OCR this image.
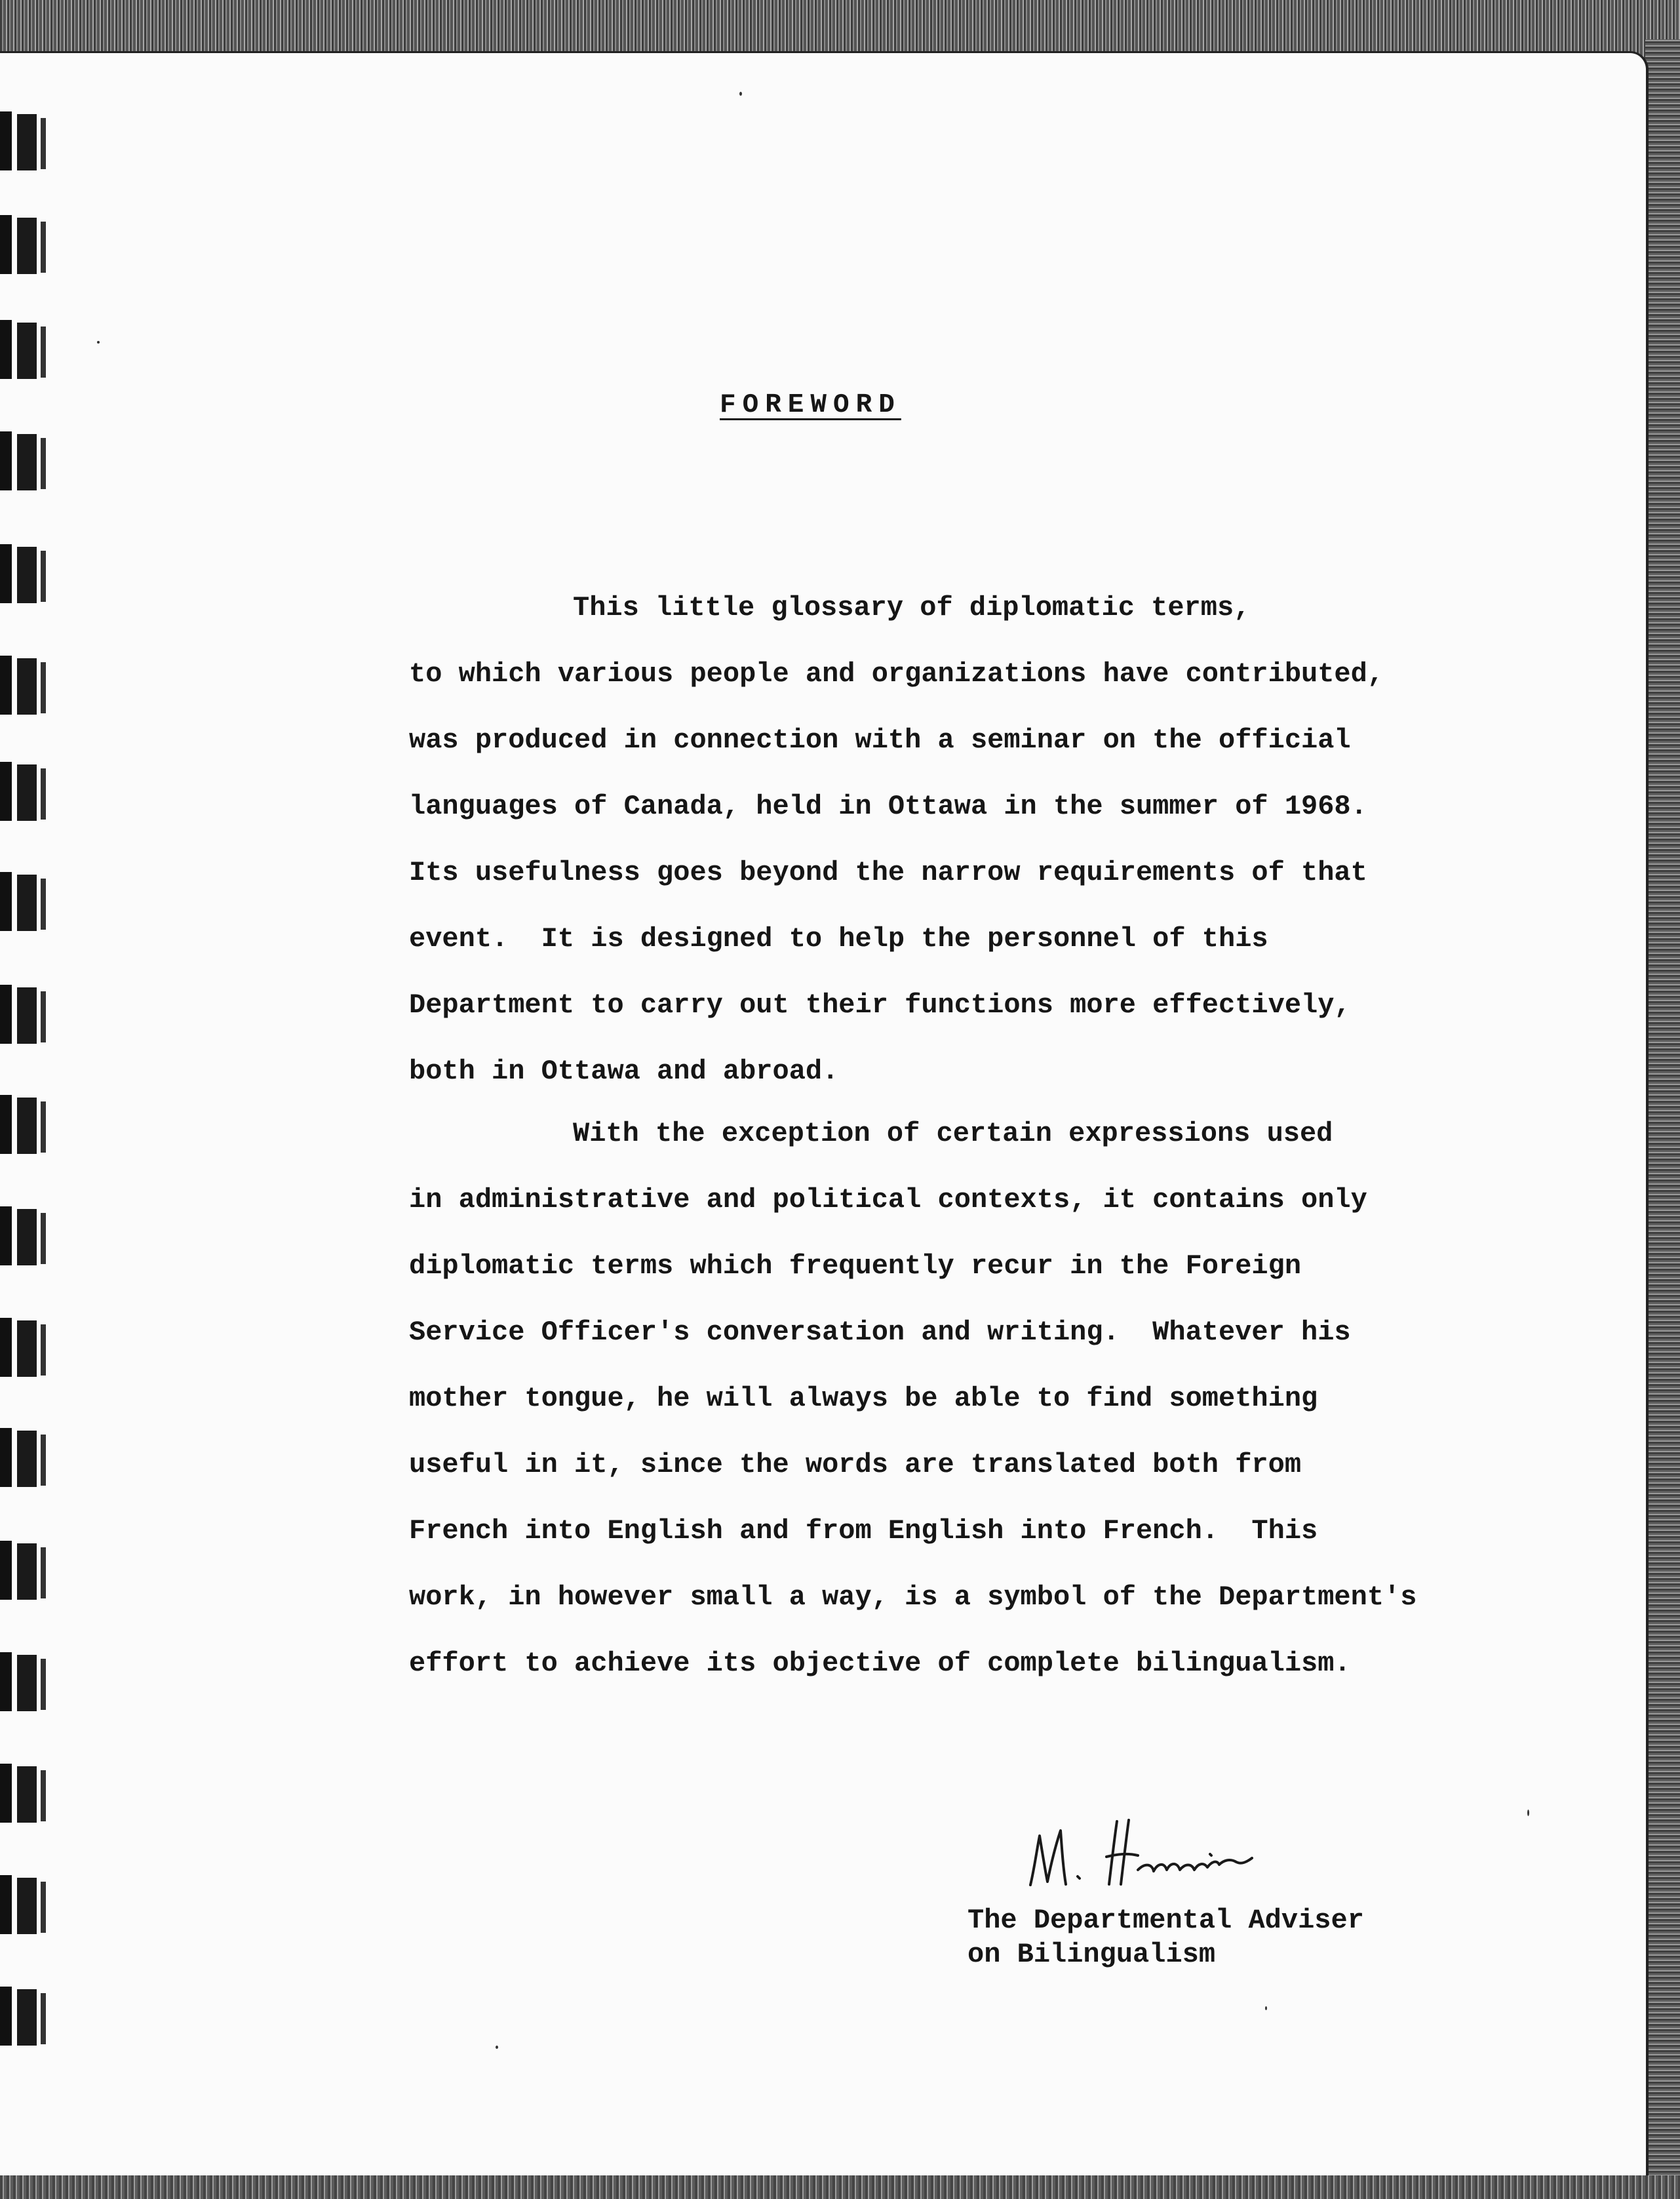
FOREWORD
This little glossary of diplomatic terms,
to which various people and organizations have contributed,
was produced in connection with a seminar on the official
languages of Canada, held in Ottawa in the summer of 1968.
Its usefulness goes beyond the narrow requirements of that
event.  It is designed to help the personnel of this
Department to carry out their functions more effectively,
both in Ottawa and abroad.
With the exception of certain expressions used
in administrative and political contexts, it contains only
diplomatic terms which frequently recur in the Foreign
Service Officer's conversation and writing.  Whatever his
mother tongue, he will always be able to find something
useful in it, since the words are translated both from
French into English and from English into French.  This
work, in however small a way, is a symbol of the Department's
effort to achieve its objective of complete bilingualism.
The Departmental Adviser
on Bilingualism
